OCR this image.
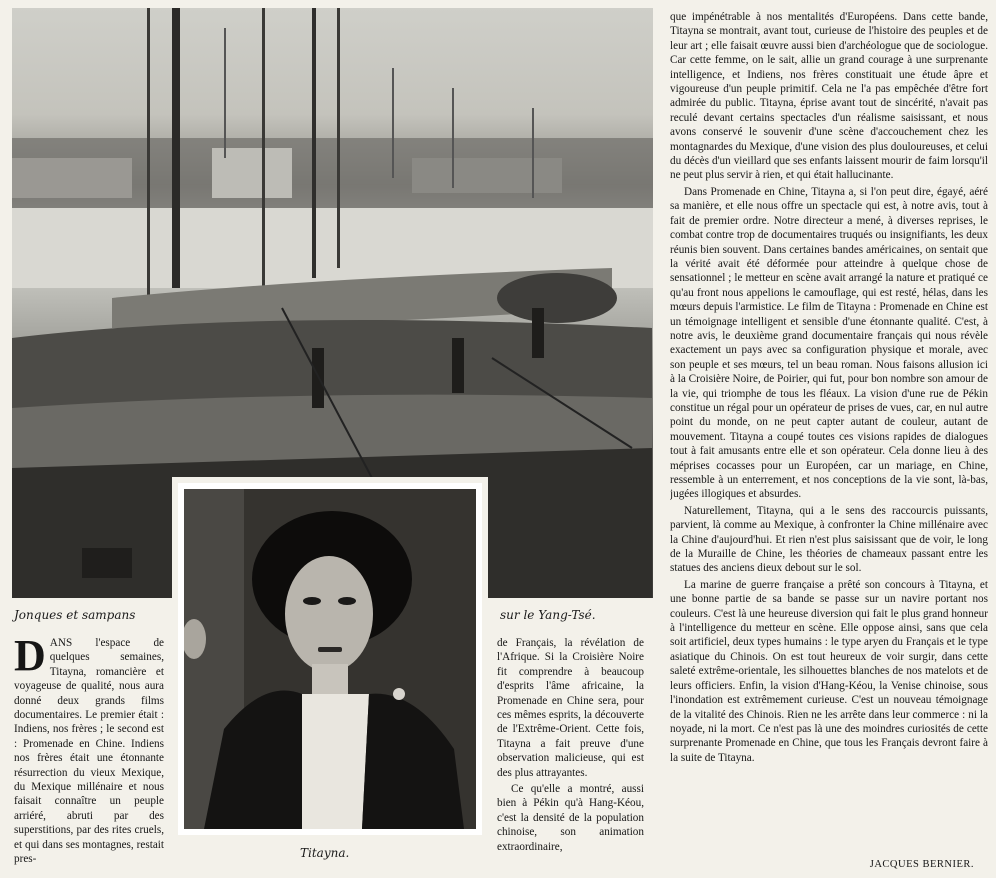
Jonques et sampans	sur le Yang-Tsé.
Titayna.

DANS l'espace de quelques semaines, Titayna, romancière et voyageuse de qualité, nous aura donné deux grands films documentaires. Le premier était : Indiens, nos frères ; le second est : Promenade en Chine. Indiens nos frères était une étonnante résurrection du vieux Mexique, du Mexique millénaire et nous faisait connaître un peuple arriéré, abruti par des superstitions, par des rites cruels, et qui dans ses montagnes, restait pres-

de Français, la révélation de l'Afrique. Si la Croisière Noire fit comprendre à beaucoup d'esprits l'âme africaine, la Promenade en Chine sera, pour ces mêmes esprits, la découverte de l'Extrême-Orient. Cette fois, Titayna a fait preuve d'une observation malicieuse, qui est des plus attrayantes.

Ce qu'elle a montré, aussi bien à Pékin qu'à Hang-Kéou, c'est la densité de la population chinoise, son animation extraordinaire,

que impénétrable à nos mentalités d'Européens. Dans cette bande, Titayna se montrait, avant tout, curieuse de l'histoire des peuples et de leur art ; elle faisait œuvre aussi bien d'archéologue que de sociologue. Car cette femme, on le sait, allie un grand courage à une surprenante intelligence, et Indiens, nos frères constituait une étude âpre et vigoureuse d'un peuple primitif. Cela ne l'a pas empêchée d'être fort admirée du public. Titayna, éprise avant tout de sincérité, n'avait pas reculé devant certains spectacles d'un réalisme saisissant, et nous avons conservé le souvenir d'une scène d'accouchement chez les montagnardes du Mexique, d'une vision des plus douloureuses, et celui du décès d'un vieillard que ses enfants laissent mourir de faim lorsqu'il ne peut plus servir à rien, et qui était hallucinante.

Dans Promenade en Chine, Titayna a, si l'on peut dire, égayé, aéré sa manière, et elle nous offre un spectacle qui est, à notre avis, tout à fait de premier ordre. Notre directeur a mené, à diverses reprises, le combat contre trop de documentaires truqués ou insignifiants, les deux réunis bien souvent. Dans certaines bandes américaines, on sentait que la vérité avait été déformée pour atteindre à quelque chose de sensationnel ; le metteur en scène avait arrangé la nature et pratiqué ce qu'au front nous appelions le camouflage, qui est resté, hélas, dans les mœurs depuis l'armistice. Le film de Titayna : Promenade en Chine est un témoignage intelligent et sensible d'une étonnante qualité. C'est, à notre avis, le deuxième grand documentaire français qui nous révèle exactement un pays avec sa configuration physique et morale, avec son peuple et ses mœurs, tel un beau roman. Nous faisons allusion ici à la Croisière Noire, de Poirier, qui fut, pour bon nombre son amour de la vie, qui triomphe de tous les fléaux. La vision d'une rue de Pékin constitue un régal pour un opérateur de prises de vues, car, en nul autre point du monde, on ne peut capter autant de couleur, autant de mouvement. Titayna a coupé toutes ces visions rapides de dialogues tout à fait amusants entre elle et son opérateur. Cela donne lieu à des méprises cocasses pour un Européen, car un mariage, en Chine, ressemble à un enterrement, et nos conceptions de la vie sont, là-bas, jugées illogiques et absurdes.

Naturellement, Titayna, qui a le sens des raccourcis puissants, parvient, là comme au Mexique, à confronter la Chine millénaire avec la Chine d'aujourd'hui. Et rien n'est plus saisissant que de voir, le long de la Muraille de Chine, les théories de chameaux passant entre les statues des anciens dieux debout sur le sol.

La marine de guerre française a prêté son concours à Titayna, et une bonne partie de sa bande se passe sur un navire portant nos couleurs. C'est là une heureuse diversion qui fait le plus grand honneur à l'intelligence du metteur en scène. Elle oppose ainsi, sans que cela soit artificiel, deux types humains : le type aryen du Français et le type asiatique du Chinois. On est tout heureux de voir surgir, dans cette saleté extrême-orientale, les silhouettes blanches de nos matelots et de leurs officiers. Enfin, la vision d'Hang-Kéou, la Venise chinoise, sous l'inondation est extrêmement curieuse. C'est un nouveau témoignage de la vitalité des Chinois. Rien ne les arrête dans leur commerce : ni la noyade, ni la mort. Ce n'est pas là une des moindres curiosités de cette surprenante Promenade en Chine, que tous les Français devront faire à la suite de Titayna.

JACQUES BERNIER.
